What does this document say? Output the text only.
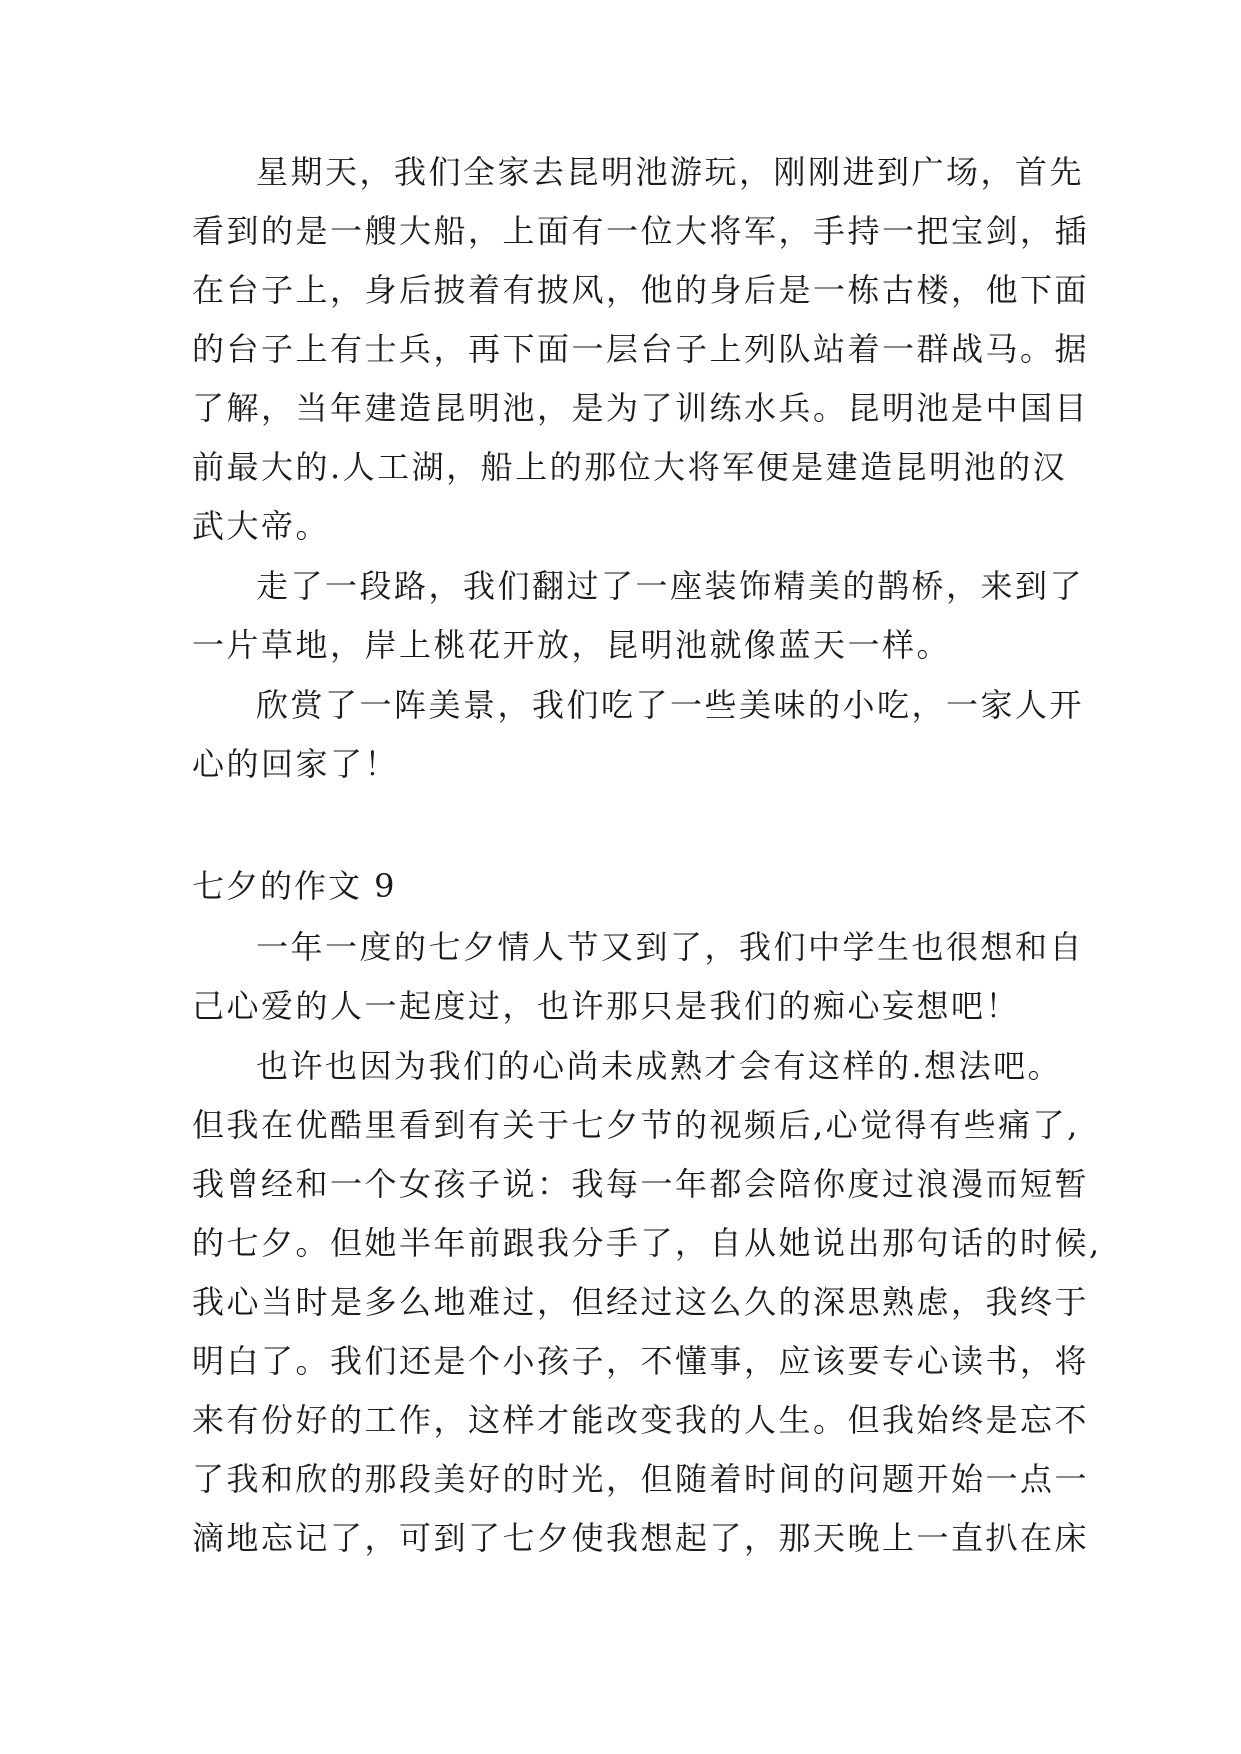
星期天，我们全家去昆明池游玩，刚刚进到广场，首先
看到的是一艘大船，上面有一位大将军，手持一把宝剑，插
在台子上，身后披着有披风，他的身后是一栋古楼，他下面
的台子上有士兵，再下面一层台子上列队站着一群战马。据
了解，当年建造昆明池，是为了训练水兵。昆明池是中国目
前最大的.人工湖，船上的那位大将军便是建造昆明池的汉
武大帝。
走了一段路，我们翻过了一座装饰精美的鹊桥，来到了
一片草地，岸上桃花开放，昆明池就像蓝天一样。
欣赏了一阵美景，我们吃了一些美味的小吃，一家人开
心的回家了！
七夕的作文 9
一年一度的七夕情人节又到了，我们中学生也很想和自
己心爱的人一起度过，也许那只是我们的痴心妄想吧！
也许也因为我们的心尚未成熟才会有这样的.想法吧。
但我在优酷里看到有关于七夕节的视频后,心觉得有些痛了,
我曾经和一个女孩子说：我每一年都会陪你度过浪漫而短暂
的七夕。但她半年前跟我分手了，自从她说出那句话的时候,
我心当时是多么地难过，但经过这么久的深思熟虑，我终于
明白了。我们还是个小孩子，不懂事，应该要专心读书，将
来有份好的工作，这样才能改变我的人生。但我始终是忘不
了我和欣的那段美好的时光，但随着时间的问题开始一点一
滴地忘记了，可到了七夕使我想起了，那天晚上一直扒在床
